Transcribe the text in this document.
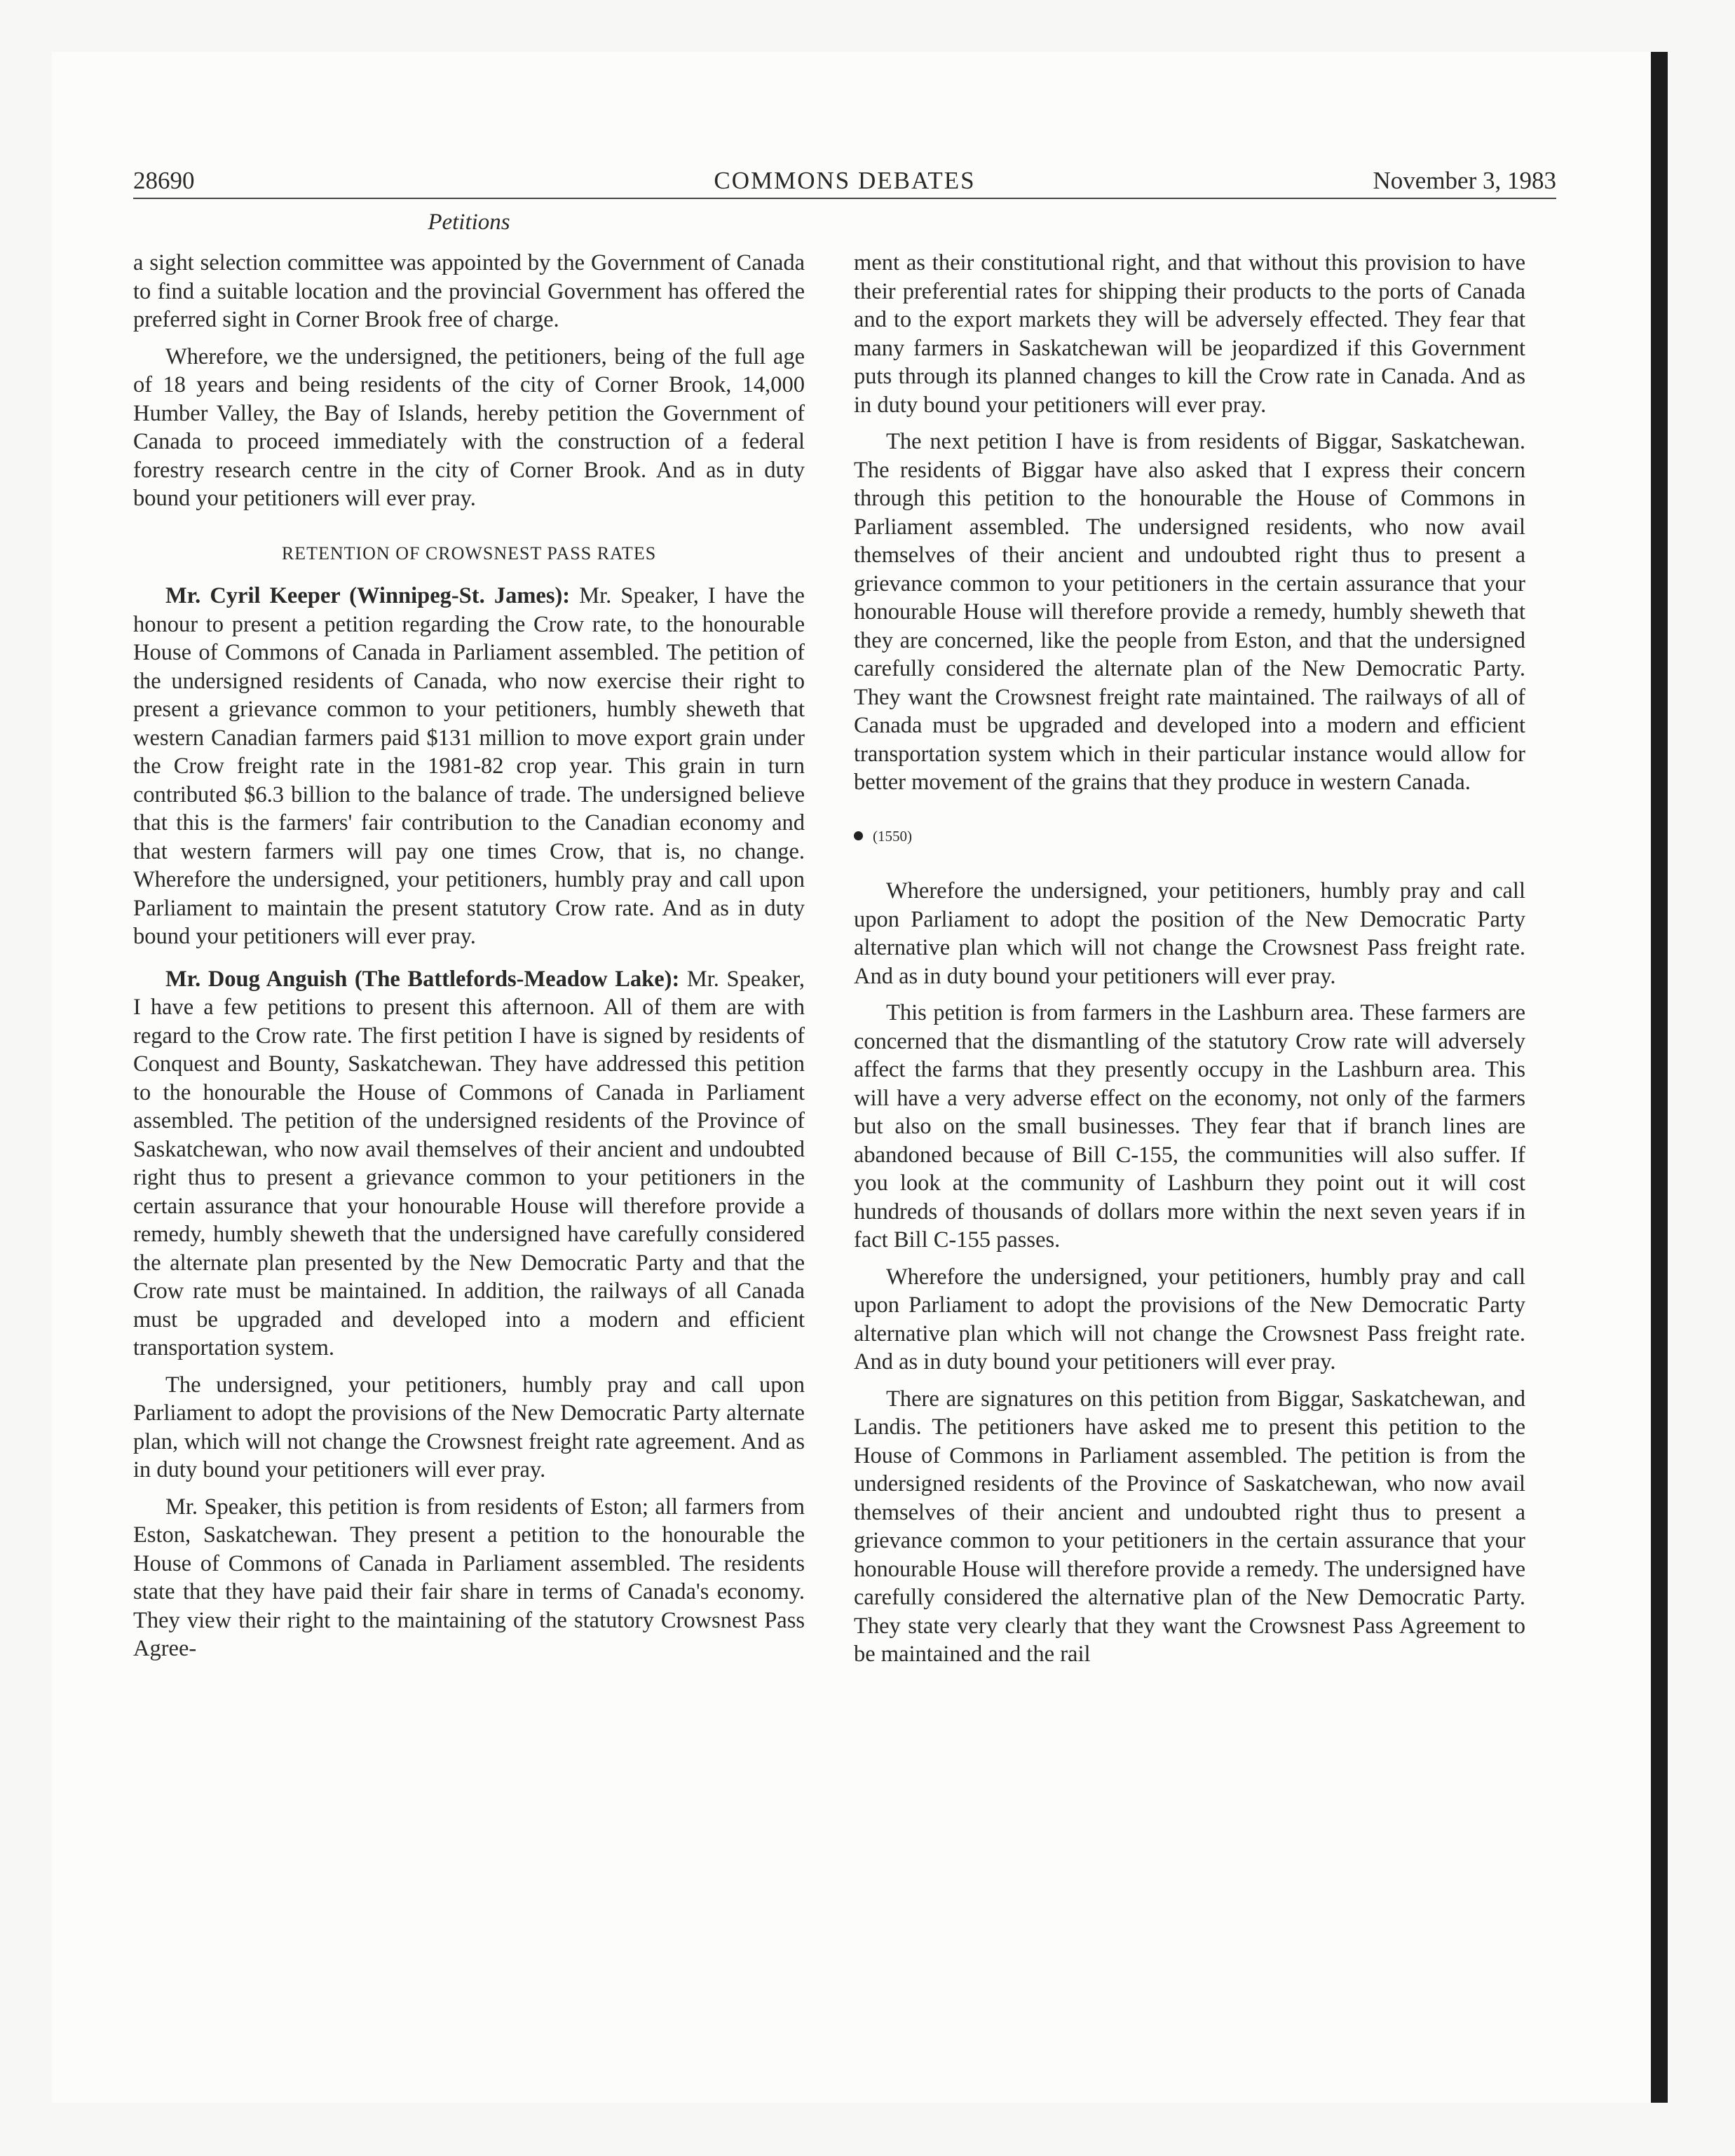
COMMONS DEBATES
28690	November 3, 1983
Petitions

a sight selection committee was appointed by the Government of Canada to find a suitable location and the provincial Government has offered the preferred sight in Corner Brook free of charge.

Wherefore, we the undersigned, the petitioners, being of the full age of 18 years and being residents of the city of Corner Brook, 14,000 Humber Valley, the Bay of Islands, hereby petition the Government of Canada to proceed immediately with the construction of a federal forestry research centre in the city of Corner Brook. And as in duty bound your petitioners will ever pray.

RETENTION OF CROWSNEST PASS RATES

Mr. Cyril Keeper (Winnipeg-St. James): Mr. Speaker, I have the honour to present a petition regarding the Crow rate, to the honourable House of Commons of Canada in Parliament assembled. The petition of the undersigned residents of Canada, who now exercise their right to present a grievance common to your petitioners, humbly sheweth that western Canadian farmers paid $131 million to move export grain under the Crow freight rate in the 1981-82 crop year. This grain in turn contributed $6.3 billion to the balance of trade. The undersigned believe that this is the farmers' fair contribution to the Canadian economy and that western farmers will pay one times Crow, that is, no change. Wherefore the undersigned, your petitioners, humbly pray and call upon Parliament to maintain the present statutory Crow rate. And as in duty bound your petitioners will ever pray.

Mr. Doug Anguish (The Battlefords-Meadow Lake): Mr. Speaker, I have a few petitions to present this afternoon. All of them are with regard to the Crow rate. The first petition I have is signed by residents of Conquest and Bounty, Saskatchewan. They have addressed this petition to the honourable the House of Commons of Canada in Parliament assembled. The petition of the undersigned residents of the Province of Saskatchewan, who now avail themselves of their ancient and undoubted right thus to present a grievance common to your petitioners in the certain assurance that your honourable House will therefore provide a remedy, humbly sheweth that the undersigned have carefully considered the alternate plan presented by the New Democratic Party and that the Crow rate must be maintained. In addition, the railways of all Canada must be upgraded and developed into a modern and efficient transportation system.

The undersigned, your petitioners, humbly pray and call upon Parliament to adopt the provisions of the New Democratic Party alternate plan, which will not change the Crowsnest freight rate agreement. And as in duty bound your petitioners will ever pray.

Mr. Speaker, this petition is from residents of Eston; all farmers from Eston, Saskatchewan. They present a petition to the honourable the House of Commons of Canada in Parliament assembled. The residents state that they have paid their fair share in terms of Canada's economy. They view their right to the maintaining of the statutory Crowsnest Pass Agree-

ment as their constitutional right, and that without this provision to have their preferential rates for shipping their products to the ports of Canada and to the export markets they will be adversely effected. They fear that many farmers in Saskatchewan will be jeopardized if this Government puts through its planned changes to kill the Crow rate in Canada. And as in duty bound your petitioners will ever pray.

The next petition I have is from residents of Biggar, Saskatchewan. The residents of Biggar have also asked that I express their concern through this petition to the honourable the House of Commons in Parliament assembled. The undersigned residents, who now avail themselves of their ancient and undoubted right thus to present a grievance common to your petitioners in the certain assurance that your honourable House will therefore provide a remedy, humbly sheweth that they are concerned, like the people from Eston, and that the undersigned carefully considered the alternate plan of the New Democratic Party. They want the Crowsnest freight rate maintained. The railways of all of Canada must be upgraded and developed into a modern and efficient transportation system which in their particular instance would allow for better movement of the grains that they produce in western Canada.

(1550)

Wherefore the undersigned, your petitioners, humbly pray and call upon Parliament to adopt the position of the New Democratic Party alternative plan which will not change the Crowsnest Pass freight rate. And as in duty bound your petitioners will ever pray.

This petition is from farmers in the Lashburn area. These farmers are concerned that the dismantling of the statutory Crow rate will adversely affect the farms that they presently occupy in the Lashburn area. This will have a very adverse effect on the economy, not only of the farmers but also on the small businesses. They fear that if branch lines are abandoned because of Bill C-155, the communities will also suffer. If you look at the community of Lashburn they point out it will cost hundreds of thousands of dollars more within the next seven years if in fact Bill C-155 passes.

Wherefore the undersigned, your petitioners, humbly pray and call upon Parliament to adopt the provisions of the New Democratic Party alternative plan which will not change the Crowsnest Pass freight rate. And as in duty bound your petitioners will ever pray.

There are signatures on this petition from Biggar, Saskatchewan, and Landis. The petitioners have asked me to present this petition to the House of Commons in Parliament assembled. The petition is from the undersigned residents of the Province of Saskatchewan, who now avail themselves of their ancient and undoubted right thus to present a grievance common to your petitioners in the certain assurance that your honourable House will therefore provide a remedy. The undersigned have carefully considered the alternative plan of the New Democratic Party. They state very clearly that they want the Crowsnest Pass Agreement to be maintained and the rail
